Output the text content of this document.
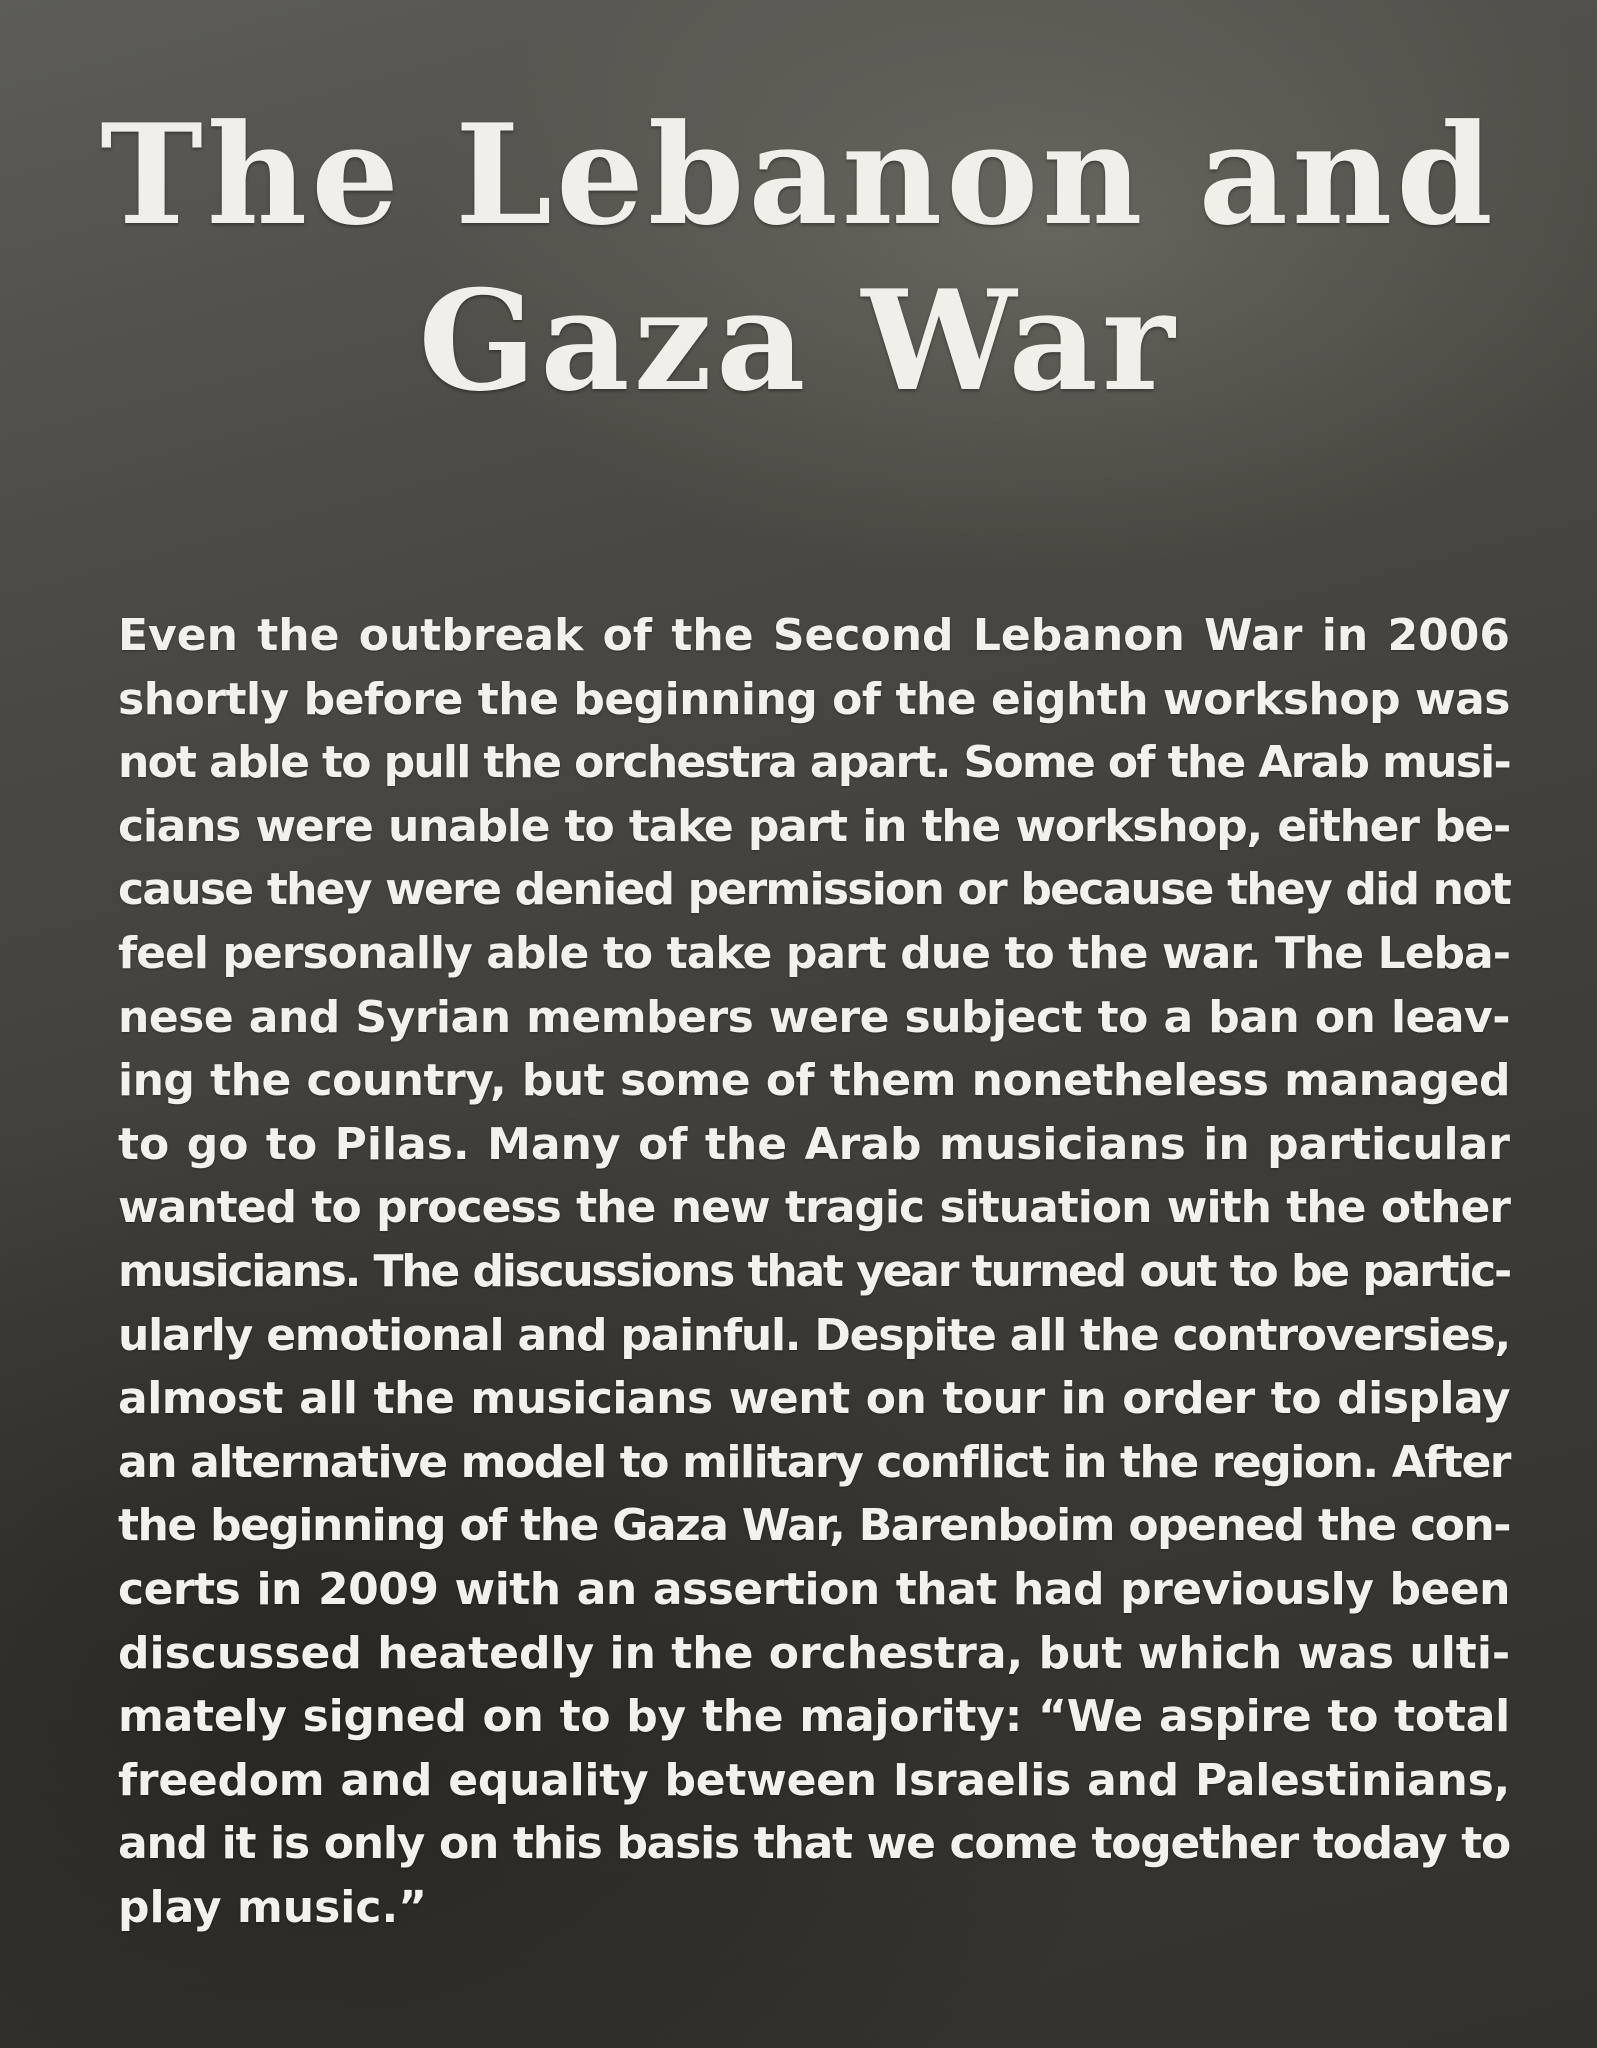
The Lebanon and
Gaza War
Even the outbreak of the Second Lebanon War in 2006
shortly before the beginning of the eighth workshop was
not able to pull the orchestra apart. Some of the Arab musi-
cians were unable to take part in the workshop, either be-
cause they were denied permission or because they did not
feel personally able to take part due to the war. The Leba-
nese and Syrian members were subject to a ban on leav-
ing the country, but some of them nonetheless managed
to go to Pilas. Many of the Arab musicians in particular
wanted to process the new tragic situation with the other
musicians. The discussions that year turned out to be partic-
ularly emotional and painful. Despite all the controversies,
almost all the musicians went on tour in order to display
an alternative model to military conflict in the region. After
the beginning of the Gaza War, Barenboim opened the con-
certs in 2009 with an assertion that had previously been
discussed heatedly in the orchestra, but which was ulti-
mately signed on to by the majority: “We aspire to total
freedom and equality between Israelis and Palestinians,
and it is only on this basis that we come together today to
play music.”
